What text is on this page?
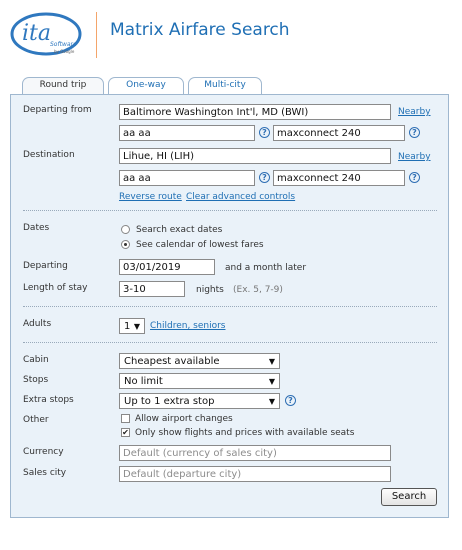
ita Software
by Google
Matrix Airfare Search
Round trip	One-way	Multi-city
Departing from	Baltimore Washington Int'l, MD (BWI)	Nearby
aa aa	?	maxconnect 240	?
Destination	Lihue, HI (LIH)	Nearby
aa aa	?	maxconnect 240	?
Reverse route Clear advanced controls
Dates	Search exact dates
See calendar of lowest fares
Departing	03/01/2019	and a month later
Length of stay	3-10	nights (Ex. 5, 7-9)
Adults	1 ▼ Children, seniors
Cabin	Cheapest available	▼
Stops	No limit	▼
Extra stops	Up to 1 extra stop	▼	?
Other	Allow airport changes
✔ Only show flights and prices with available seats
Currency	Default (currency of sales city)
Sales city	Default (departure city)
Search
